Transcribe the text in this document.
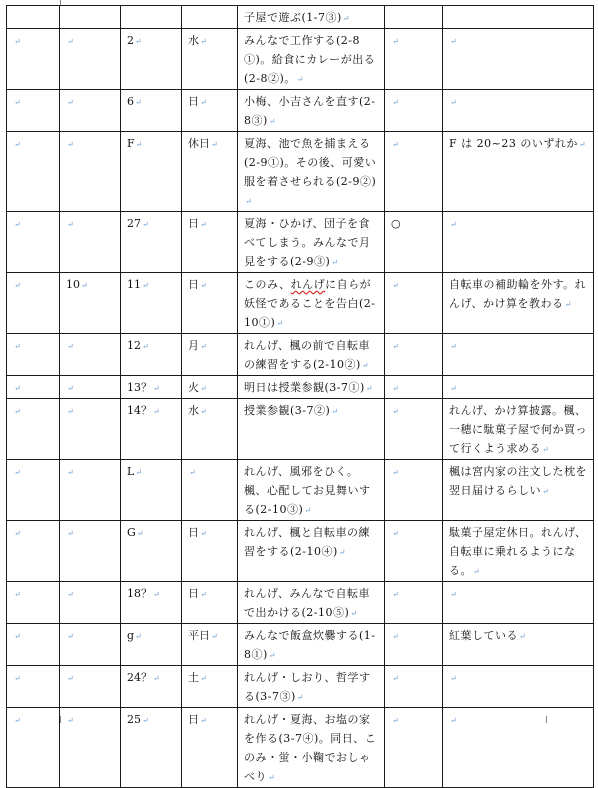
				子屋で遊ぶ(1-7③)↵		
↵	↵	2↵	水↵	みんなで工作する(2-8①)。給食にカレーが出る(2-8②)。↵	↵	↵
↵	↵	6↵	日↵	小梅、小吉さんを直す(2-8③)↵	↵	↵
↵	↵	F↵	休日↵	夏海、池で魚を捕まえる(2-9①)。その後、可愛い服を着させられる(2-9②)↵	↵	F は 20~23 のいずれか↵
↵	↵	27↵	日↵	夏海・ひかげ、団子を食べてしまう。みんなで月見をする(2-9③)↵	○	↵
↵	10↵	11↵	日↵	このみ、れんげに自らが妖怪であることを告白(2-10①)↵	↵	自転車の補助輪を外す。れんげ、かけ算を教わる↵
↵	↵	12↵	月↵	れんげ、楓の前で自転車の練習をする(2-10②)↵	↵	↵
↵	↵	13？↵	火↵	明日は授業参観(3-7①)↵	↵	↵
↵	↵	14？↵	水↵	授業参観(3-7②)↵	↵	れんげ、かけ算披露。楓、一穂に駄菓子屋で何か買って行くよう求める↵
↵	↵	L↵	↵	れんげ、風邪をひく。楓、心配してお見舞いする(2-10③)↵	↵	楓は宮内家の注文した枕を翌日届けるらしい↵
↵	↵	G↵	日↵	れんげ、楓と自転車の練習をする(2-10④)↵	↵	駄菓子屋定休日。れんげ、自転車に乗れるようになる。↵
↵	↵	18？↵	日↵	れんげ、みんなで自転車で出かける(2-10⑤)↵	↵	↵
↵	↵	g↵	平日↵	みんなで飯盒炊爨する(1-8①)↵	↵	紅葉している↵
↵	↵	24？↵	土↵	れんげ・しおり、哲学する(3-7③)↵	↵	↵
↵	↵	25↵	日↵	れんげ・夏海、お塩の家を作る(3-7④)。同日、このみ・蛍・小鞠でおしゃべり↵	↵	↵
